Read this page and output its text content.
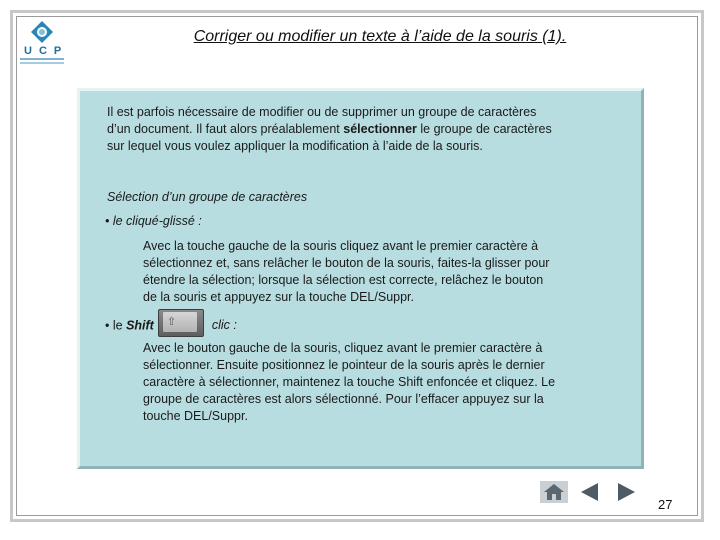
UCP
Corriger ou modifier un texte à l’aide de la souris (1).
Il est parfois nécessaire de modifier ou de supprimer un groupe de caractères
d’un document. Il faut alors préalablement sélectionner le groupe de caractères
sur lequel vous voulez appliquer la modification à l’aide de la souris.
Sélection d’un groupe de caractères
• le cliqué-glissé :
Avec la touche gauche de la souris cliquez avant le premier caractère à
sélectionnez et, sans relâcher le bouton de la souris, faites-la glisser pour
étendre la sélection; lorsque la sélection est correcte, relâchez le bouton
de la souris et appuyez sur la touche DEL/Suppr.
• le Shift	⇧	clic :
Avec le bouton gauche de la souris, cliquez avant le premier caractère à
sélectionner. Ensuite positionnez le pointeur de la souris après le dernier
caractère à sélectionner, maintenez la touche Shift enfoncée et cliquez. Le
groupe de caractères est alors sélectionné. Pour l’effacer appuyez sur la
touche DEL/Suppr.
27
